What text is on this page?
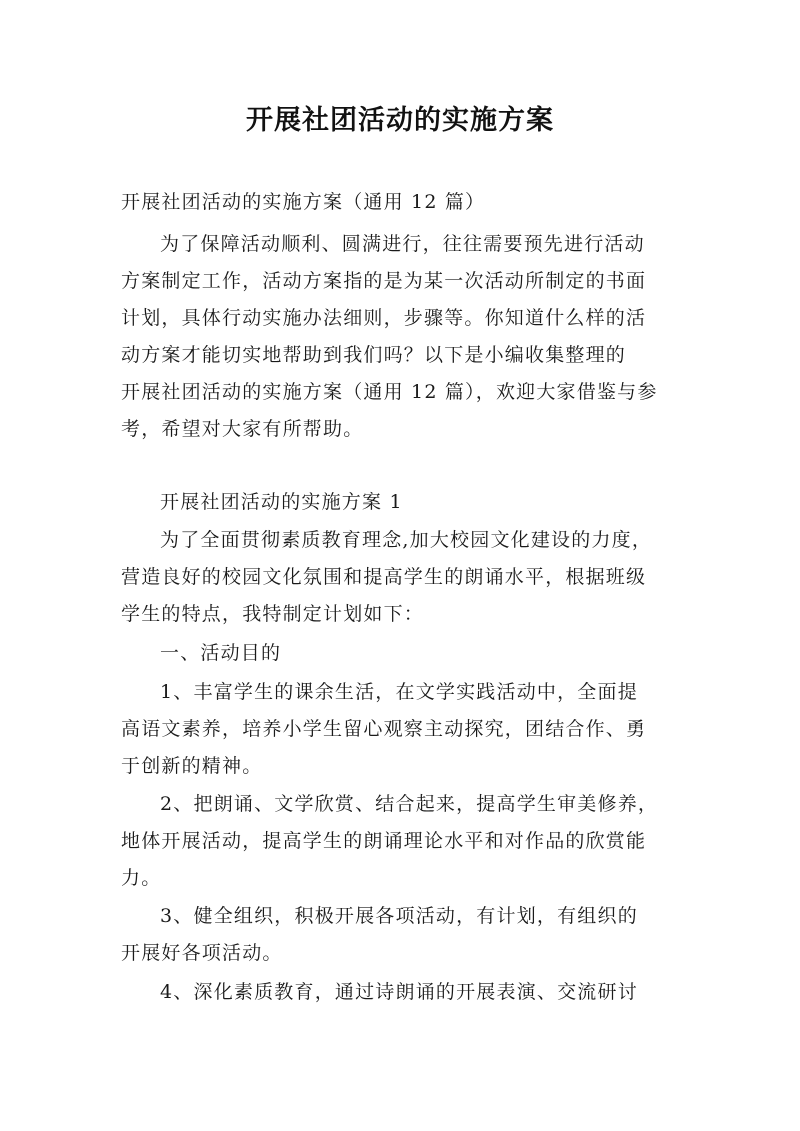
开展社团活动的实施方案
开展社团活动的实施方案（通用 12 篇）
为了保障活动顺利、圆满进行，往往需要预先进行活动
方案制定工作，活动方案指的是为某一次活动所制定的书面
计划，具体行动实施办法细则，步骤等。你知道什么样的活
动方案才能切实地帮助到我们吗？以下是小编收集整理的
开展社团活动的实施方案（通用 12 篇），欢迎大家借鉴与参
考，希望对大家有所帮助。
开展社团活动的实施方案 1
为了全面贯彻素质教育理念,加大校园文化建设的力度，
营造良好的校园文化氛围和提高学生的朗诵水平，根据班级
学生的特点，我特制定计划如下：
一、活动目的
1、丰富学生的课余生活，在文学实践活动中，全面提
高语文素养，培养小学生留心观察主动探究，团结合作、勇
于创新的精神。
2、把朗诵、文学欣赏、结合起来，提高学生审美修养，
地体开展活动，提高学生的朗诵理论水平和对作品的欣赏能
力。
3、健全组织，积极开展各项活动，有计划，有组织的
开展好各项活动。
4、深化素质教育，通过诗朗诵的开展表演、交流研讨
